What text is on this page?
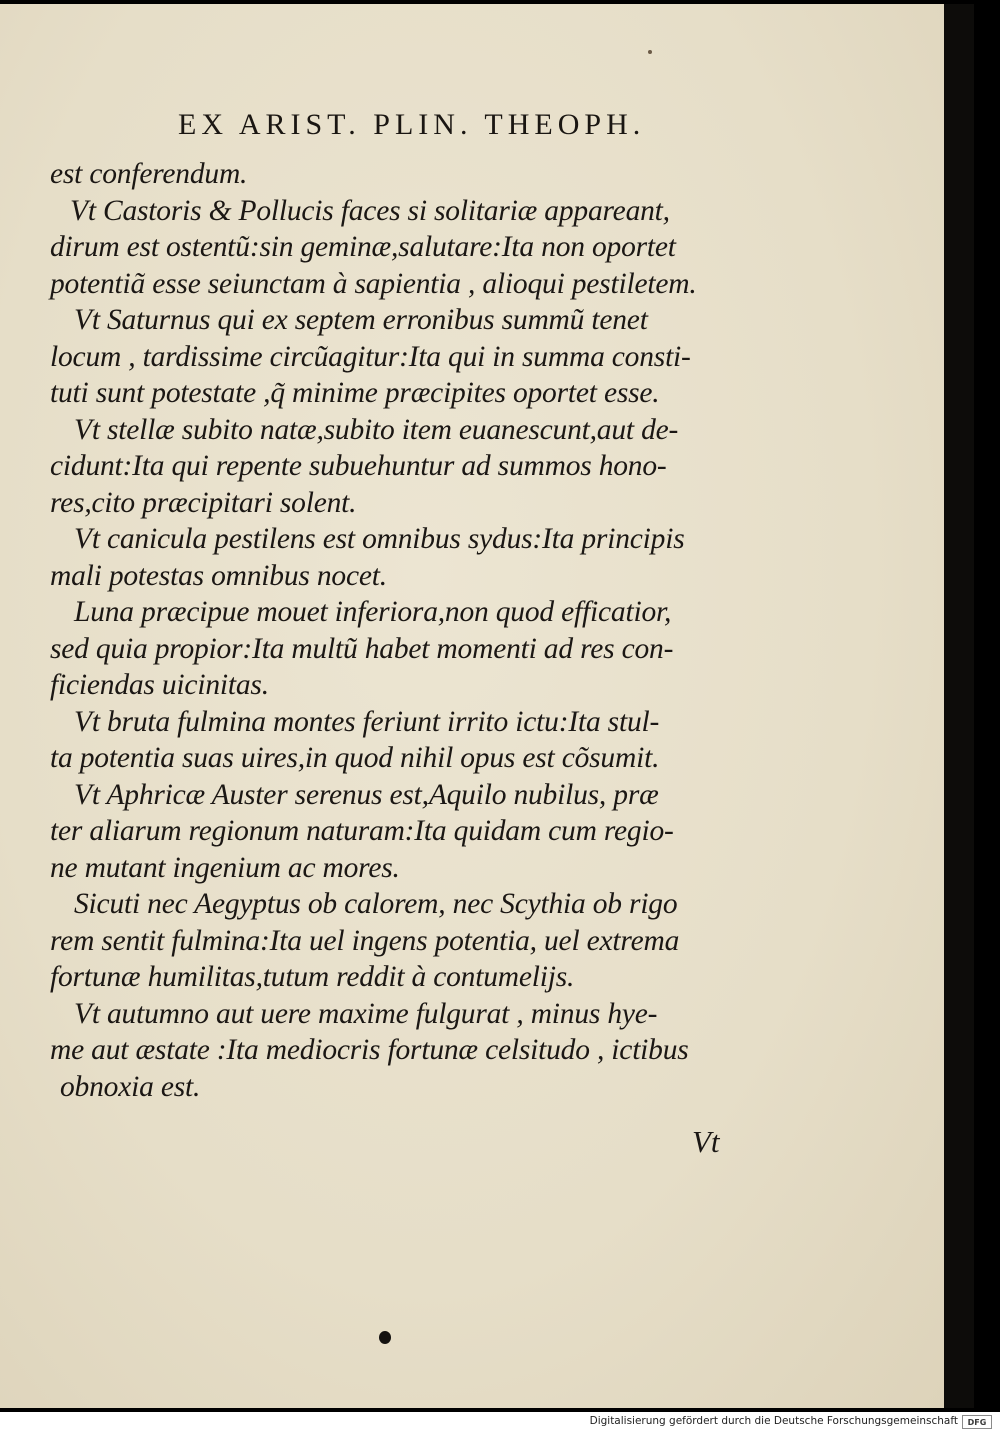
EX ARIST. PLIN. THEOPH.
est conferendum.
Vt Castoris & Pollucis faces si solitariæ appareant,
dirum est ostentũ:sin geminæ,salutare:Ita non oportet
potentiã esse seiunctam à sapientia , alioqui pestiletem.
Vt Saturnus qui ex septem erronibus summũ tenet
locum , tardissime circũagitur:Ita qui in summa consti-
tuti sunt potestate ,q̃ minime præcipites oportet esse.
Vt stellæ subito natæ,subito item euanescunt,aut de-
cidunt:Ita qui repente subuehuntur ad summos hono-
res,cito præcipitari solent.
Vt canicula pestilens est omnibus sydus:Ita principis
mali potestas omnibus nocet.
Luna præcipue mouet inferiora,non quod efficatior,
sed quia propior:Ita multũ habet momenti ad res con-
ficiendas uicinitas.
Vt bruta fulmina montes feriunt irrito ictu:Ita stul-
ta potentia suas uires,in quod nihil opus est cõsumit.
Vt Aphricæ Auster serenus est,Aquilo nubilus, præ
ter aliarum regionum naturam:Ita quidam cum regio-
ne mutant ingenium ac mores.
Sicuti nec Aegyptus ob calorem, nec Scythia ob rigo
rem sentit fulmina:Ita uel ingens potentia, uel extrema
fortunæ humilitas,tutum reddit à contumelijs.
Vt autumno aut uere maxime fulgurat , minus hye-
me aut æstate :Ita mediocris fortunæ celsitudo , ictibus
obnoxia est.
Vt
Digitalisierung gefördert durch die Deutsche Forschungsgemeinschaft	DFG
